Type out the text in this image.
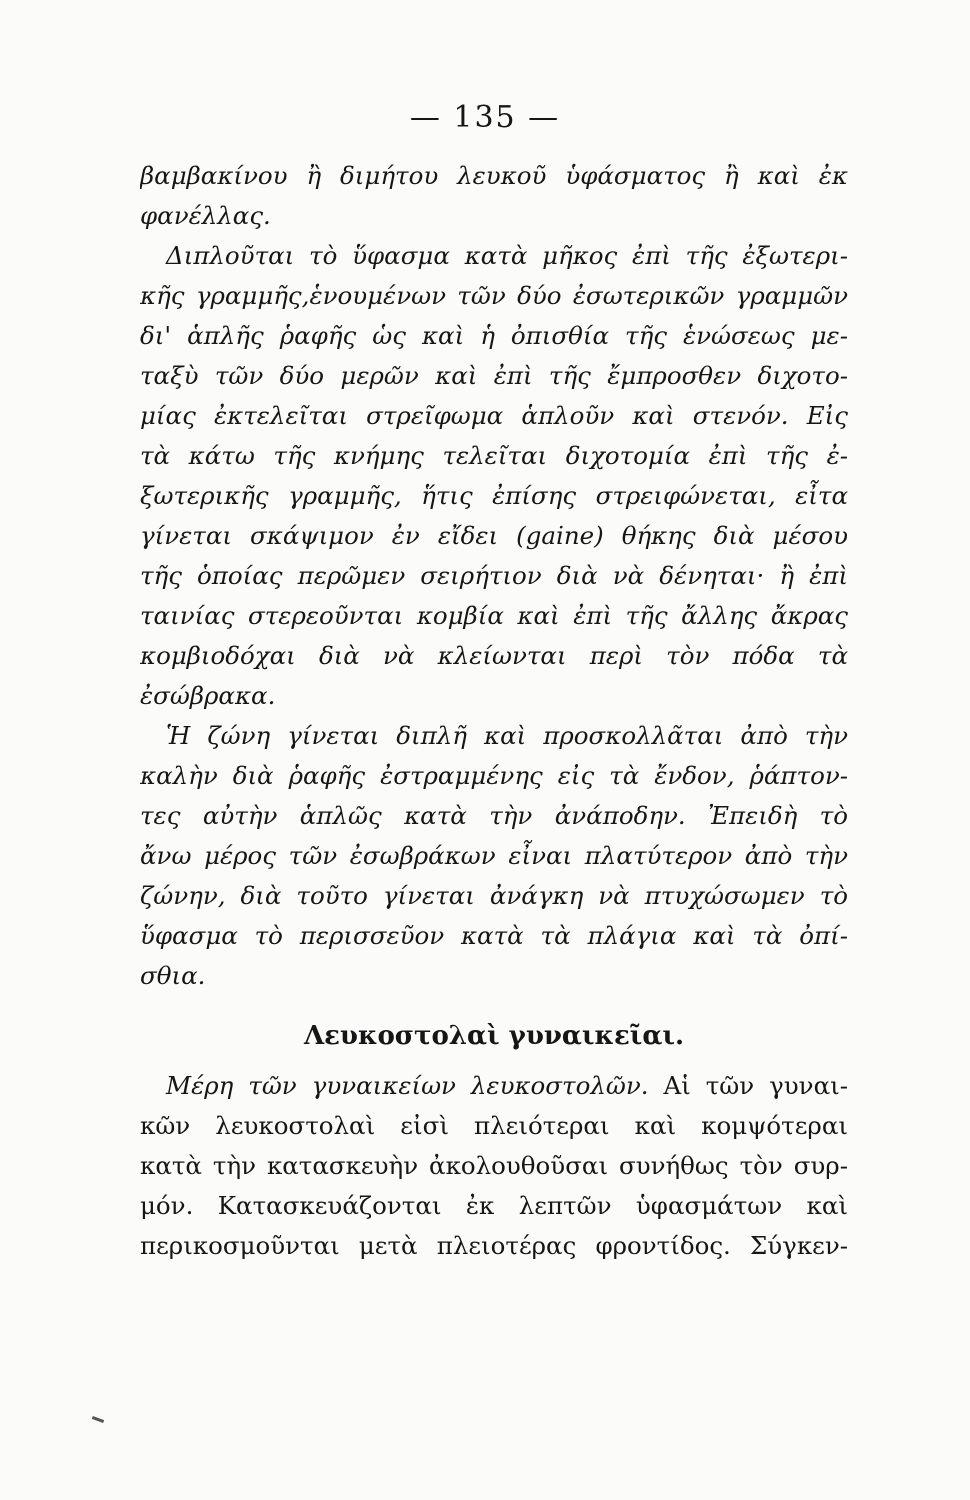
— 135 —
βαμβακίνου ἢ διμήτου λευκοῦ ὑφάσματος ἢ καὶ ἐκ
φανέλλας.
Διπλοῦται τὸ ὕφασμα κατὰ μῆκος ἐπὶ τῆς ἐξωτερι-
κῆς γραμμῆς,ἑνουμένων τῶν δύο ἐσωτερικῶν γραμμῶν
δι' ἁπλῆς ῥαφῆς ὡς καὶ ἡ ὀπισθία τῆς ἑνώσεως με-
ταξὺ τῶν δύο μερῶν καὶ ἐπὶ τῆς ἔμπροσθεν διχοτο-
μίας ἐκτελεῖται στρεῖφωμα ἁπλοῦν καὶ στενόν. Εἰς
τὰ κάτω τῆς κνήμης τελεῖται διχοτομία ἐπὶ τῆς ἐ-
ξωτερικῆς γραμμῆς, ἥτις ἐπίσης στρειφώνεται, εἶτα
γίνεται σκάψιμον ἐν εἴδει (gaine) θήκης διὰ μέσου
τῆς ὁποίας περῶμεν σειρήτιον διὰ νὰ δένηται· ἢ ἐπὶ
ταινίας στερεοῦνται κομβία καὶ ἐπὶ τῆς ἄλλης ἄκρας
κομβιοδόχαι διὰ νὰ κλείωνται περὶ τὸν πόδα τὰ
ἐσώβρακα.
Ἡ ζώνη γίνεται διπλῆ καὶ προσκολλᾶται ἀπὸ τὴν
καλὴν διὰ ῥαφῆς ἐστραμμένης εἰς τὰ ἔνδον, ῥάπτον-
τες αὐτὴν ἁπλῶς κατὰ τὴν ἀνάποδην. Ἐπειδὴ τὸ
ἄνω μέρος τῶν ἐσωβράκων εἶναι πλατύτερον ἀπὸ τὴν
ζώνην, διὰ τοῦτο γίνεται ἀνάγκη νὰ πτυχώσωμεν τὸ
ὕφασμα τὸ περισσεῦον κατὰ τὰ πλάγια καὶ τὰ ὀπί-
σθια.
Λευκοστολαὶ γυναικεῖαι.
Μέρη τῶν γυναικείων λευκοστολῶν. Αἱ τῶν γυναι-
κῶν λευκοστολαὶ εἰσὶ πλειότεραι καὶ κομψότεραι
κατὰ τὴν κατασκευὴν ἀκολουθοῦσαι συνήθως τὸν συρ-
μόν. Κατασκευάζονται ἐκ λεπτῶν ὑφασμάτων καὶ
περικοσμοῦνται μετὰ πλειοτέρας φροντίδος. Σύγκεν-
